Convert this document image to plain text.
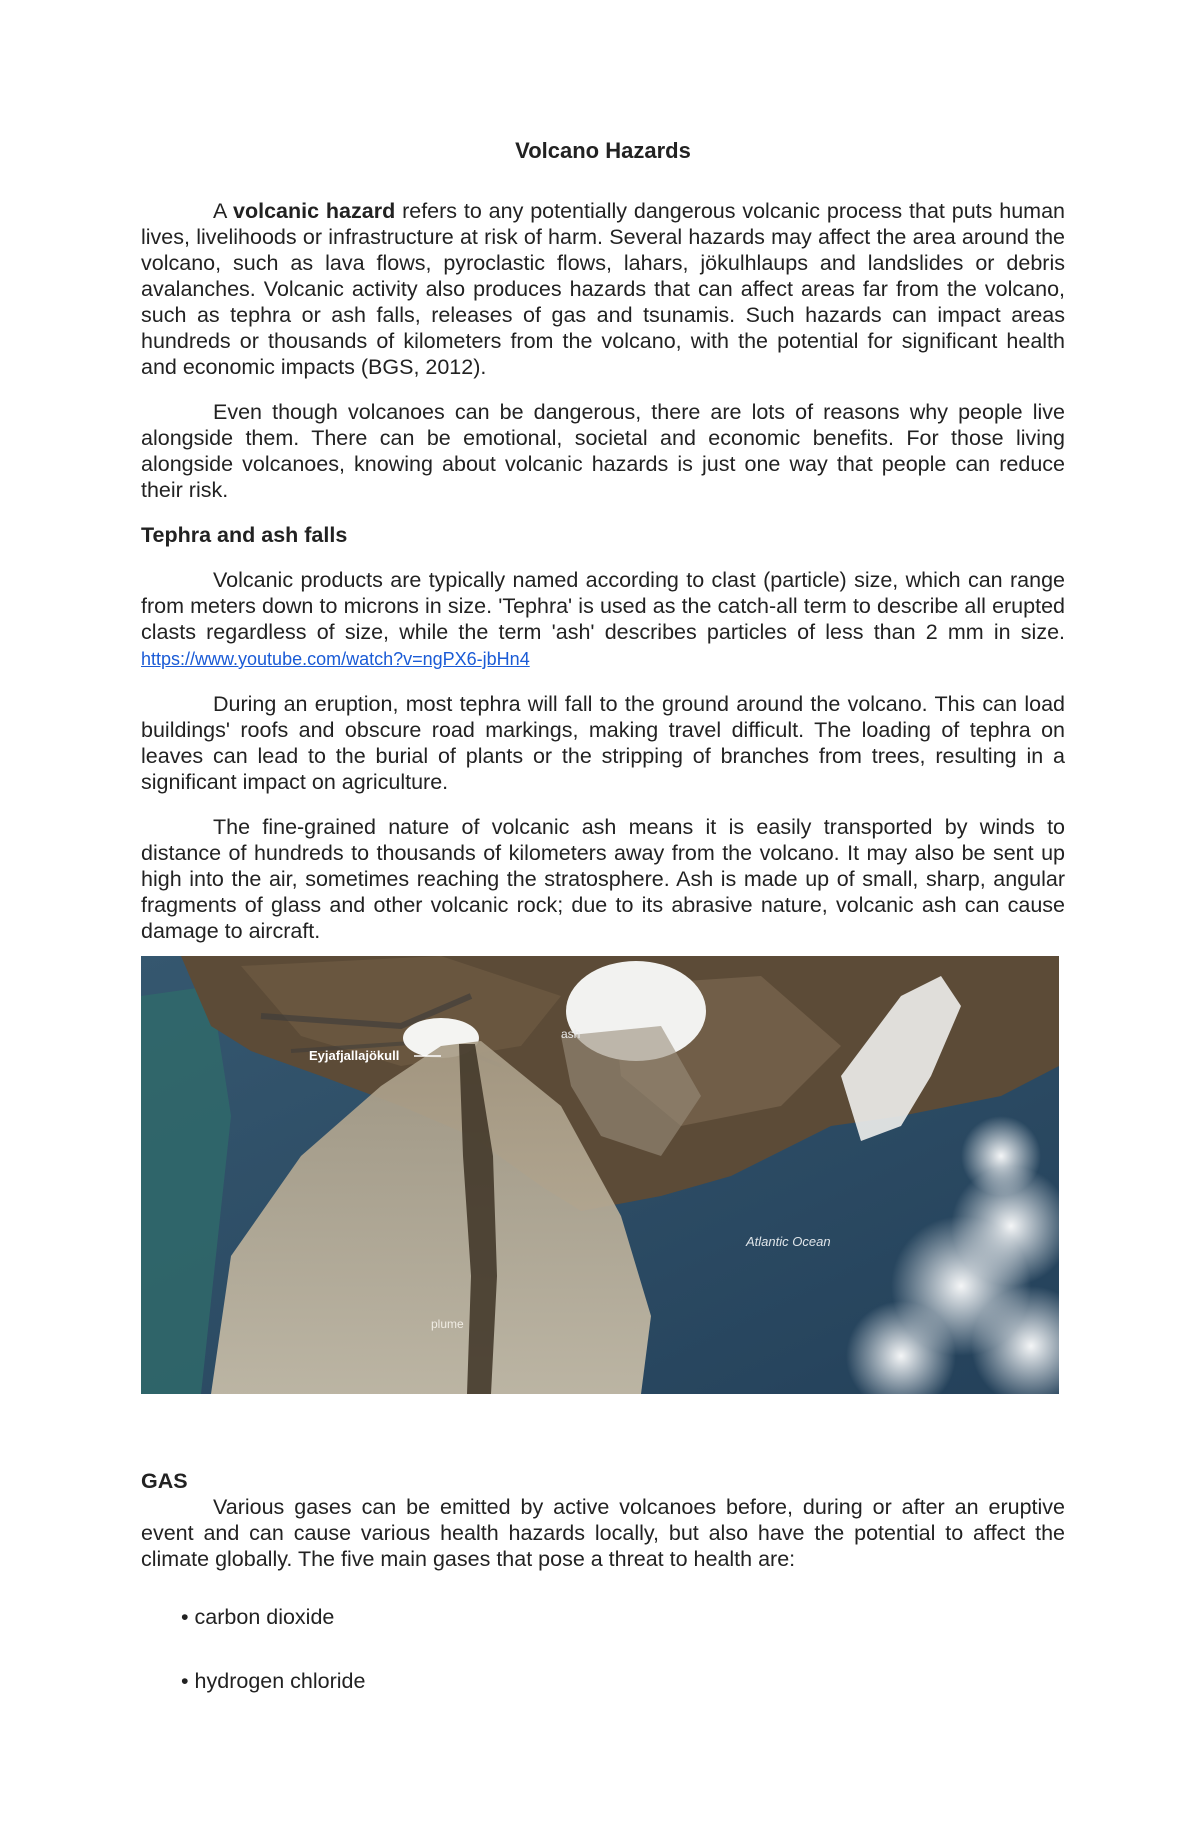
Volcano Hazards

A volcanic hazard refers to any potentially dangerous volcanic process that puts human lives, livelihoods or infrastructure at risk of harm. Several hazards may affect the area around the volcano, such as lava flows, pyroclastic flows, lahars, jökulhlaups and landslides or debris avalanches. Volcanic activity also produces hazards that can affect areas far from the volcano, such as tephra or ash falls, releases of gas and tsunamis. Such hazards can impact areas hundreds or thousands of kilometers from the volcano, with the potential for significant health and economic impacts (BGS, 2012).

Even though volcanoes can be dangerous, there are lots of reasons why people live alongside them. There can be emotional, societal and economic benefits. For those living alongside volcanoes, knowing about volcanic hazards is just one way that people can reduce their risk.

Tephra and ash falls

Volcanic products are typically named according to clast (particle) size, which can range from meters down to microns in size. 'Tephra' is used as the catch-all term to describe all erupted clasts regardless of size, while the term 'ash' describes particles of less than 2 mm in size. https://www.youtube.com/watch?v=ngPX6-jbHn4

During an eruption, most tephra will fall to the ground around the volcano. This can load buildings' roofs and obscure road markings, making travel difficult. The loading of tephra on leaves can lead to the burial of plants or the stripping of branches from trees, resulting in a significant impact on agriculture.

The fine-grained nature of volcanic ash means it is easily transported by winds to distance of hundreds to thousands of kilometers away from the volcano. It may also be sent up high into the air, sometimes reaching the stratosphere. Ash is made up of small, sharp, angular fragments of glass and other volcanic rock; due to its abrasive nature, volcanic ash can cause damage to aircraft.

Eyjafjallajökull
ash
Atlantic Ocean
plume
GAS

Various gases can be emitted by active volcanoes before, during or after an eruptive event and can cause various health hazards locally, but also have the potential to affect the climate globally. The five main gases that pose a threat to health are:

• carbon dioxide
• hydrogen chloride
